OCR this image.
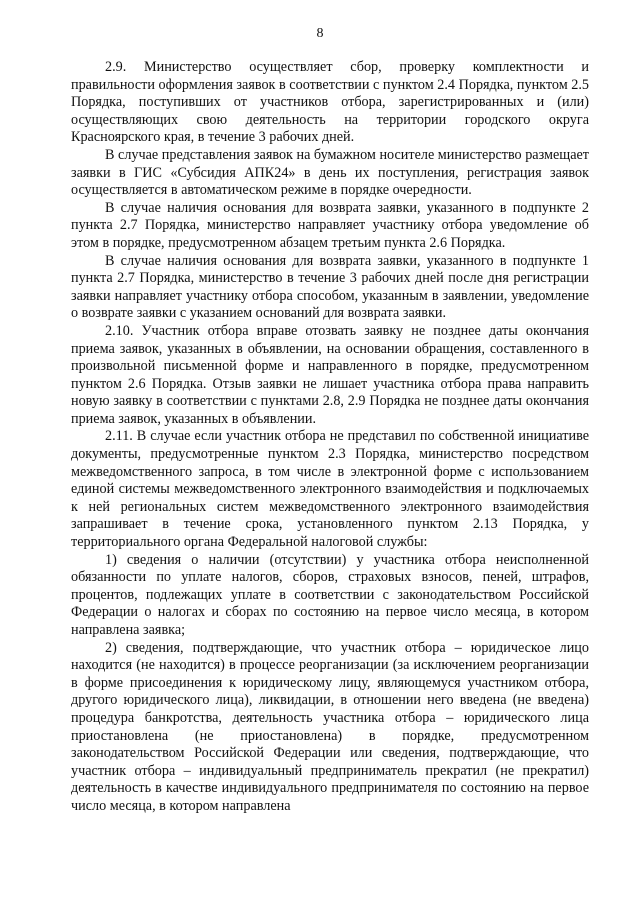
8

2.9. Министерство осуществляет сбор, проверку комплектности и правильности оформления заявок в соответствии с пунктом 2.4 Порядка, пунктом 2.5 Порядка, поступивших от участников отбора, зарегистрированных и (или) осуществляющих свою деятельность на территории городского округа Красноярского края, в течение 3 рабочих дней.

В случае представления заявок на бумажном носителе министерство размещает заявки в ГИС «Субсидия АПК24» в день их поступления, регистрация заявок осуществляется в автоматическом режиме в порядке очередности.

В случае наличия основания для возврата заявки, указанного в подпункте 2 пункта 2.7 Порядка, министерство направляет участнику отбора уведомление об этом в порядке, предусмотренном абзацем третьим пункта 2.6 Порядка.

В случае наличия основания для возврата заявки, указанного в подпункте 1 пункта 2.7 Порядка, министерство в течение 3 рабочих дней после дня регистрации заявки направляет участнику отбора способом, указанным в заявлении, уведомление о возврате заявки с указанием оснований для возврата заявки.

2.10. Участник отбора вправе отозвать заявку не позднее даты окончания приема заявок, указанных в объявлении, на основании обращения, составленного в произвольной письменной форме и направленного в порядке, предусмотренном пунктом 2.6 Порядка. Отзыв заявки не лишает участника отбора права направить новую заявку в соответствии с пунктами 2.8, 2.9 Порядка не позднее даты окончания приема заявок, указанных в объявлении.

2.11. В случае если участник отбора не представил по собственной инициативе документы, предусмотренные пунктом 2.3 Порядка, министерство посредством межведомственного запроса, в том числе в электронной форме с использованием единой системы межведомственного электронного взаимодействия и подключаемых к ней региональных систем межведомственного электронного взаимодействия запрашивает в течение срока, установленного пунктом 2.13 Порядка, у территориального органа Федеральной налоговой службы:

1) сведения о наличии (отсутствии) у участника отбора неисполненной обязанности по уплате налогов, сборов, страховых взносов, пеней, штрафов, процентов, подлежащих уплате в соответствии с законодательством Российской Федерации о налогах и сборах по состоянию на первое число месяца, в котором направлена заявка;

2) сведения, подтверждающие, что участник отбора – юридическое лицо находится (не находится) в процессе реорганизации (за исключением реорганизации в форме присоединения к юридическому лицу, являющемуся участником отбора, другого юридического лица), ликвидации, в отношении него введена (не введена) процедура банкротства, деятельность участника отбора – юридического лица приостановлена (не приостановлена) в порядке, предусмотренном законодательством Российской Федерации или сведения, подтверждающие, что участник отбора – индивидуальный предприниматель прекратил (не прекратил) деятельность в качестве индивидуального предпринимателя по состоянию на первое число месяца, в котором направлена
